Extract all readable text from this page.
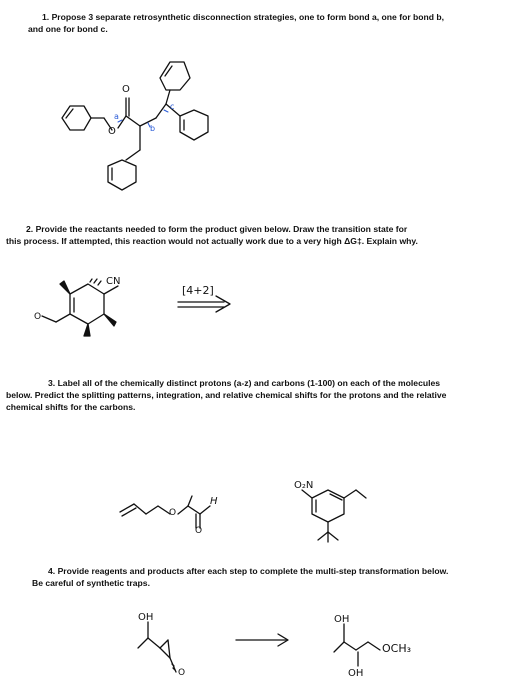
1. Propose 3 separate retrosynthetic disconnection strategies, one to form bond a, one for bond b,
and one for bond c.
O
O
a
b
c
2. Provide the reactants needed to form the product given below. Draw the transition state for
this process. If attempted, this reaction would not actually work due to a very high ΔG‡. Explain why.
CN
O
[4+2]
3. Label all of the chemically distinct protons (a-z) and carbons (1-100) on each of the molecules
below. Predict the splitting patterns, integration, and relative chemical shifts for the protons and the relative
chemical shifts for the carbons.
O
O
H
O₂N
4. Provide reagents and products after each step to complete the multi-step transformation below.
Be careful of synthetic traps.
OH
O
OH
OCH₃
OH
